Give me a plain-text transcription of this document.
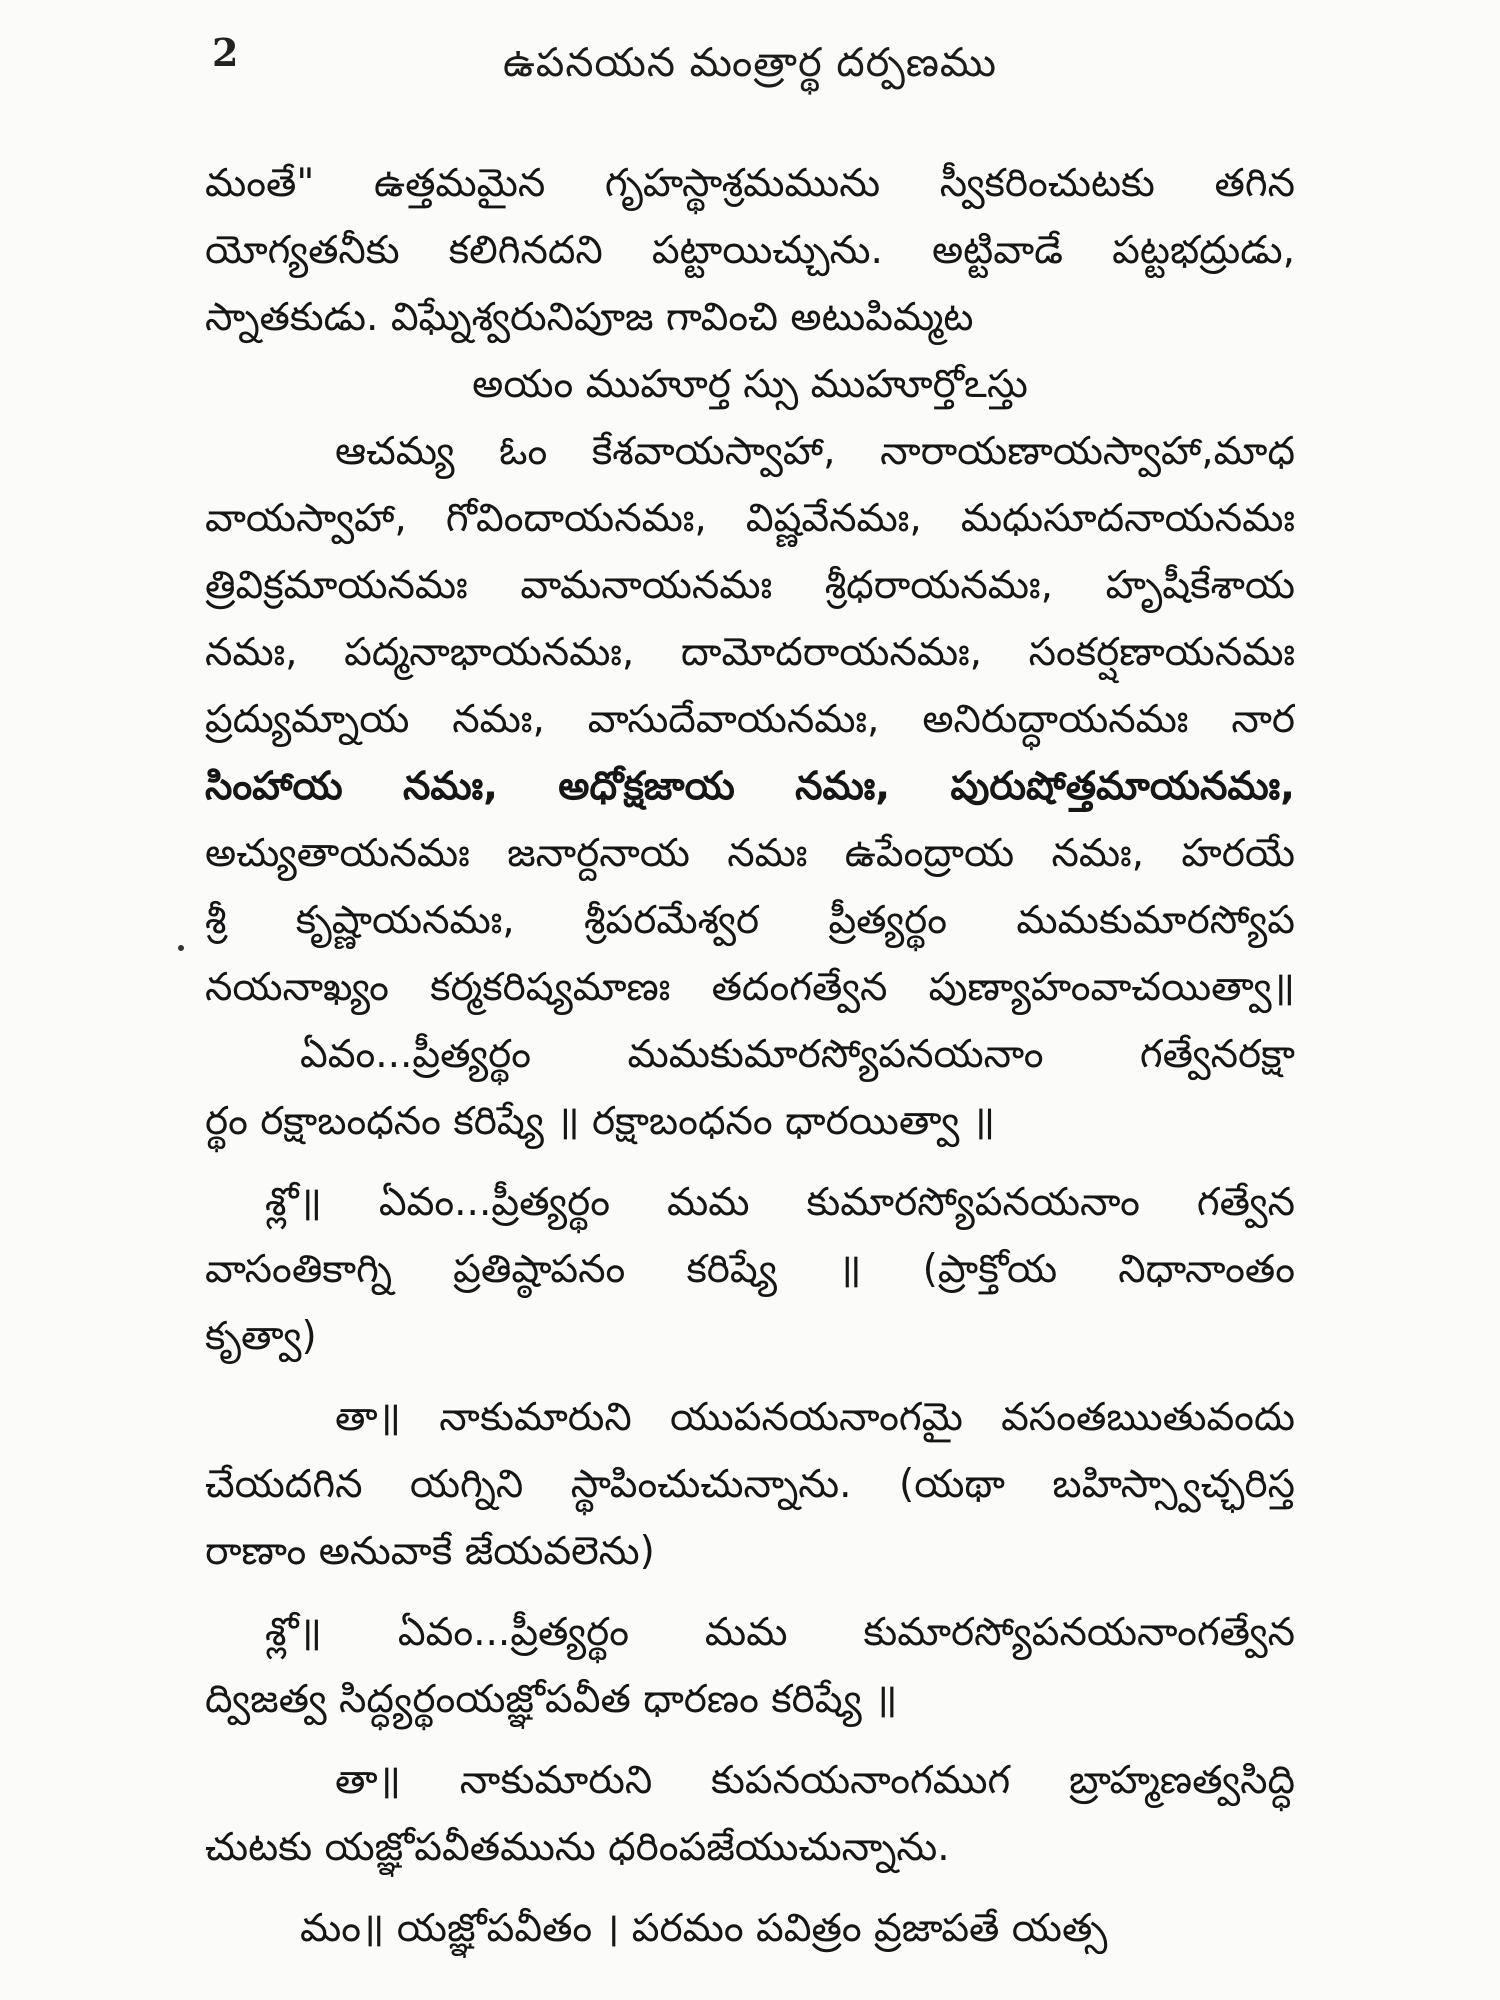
2	ఉపనయన మంత్రార్థ దర్పణము
మంతే" ఉత్తమమైన గృహస్థాశ్రమమును స్వీకరించుటకు తగిన
యోగ్యతనీకు కలిగినదని పట్టాయిచ్చును. అట్టివాడే పట్టభద్రుడు,
స్నాతకుడు. విఘ్నేశ్వరునిపూజ గావించి అటుపిమ్మట
అయం ముహూర్త స్సు ముహూర్తోఽస్తు
ఆచమ్య ఓం కేశవాయస్వాహా, నారాయణాయస్వాహా,మాధ
వాయస్వాహా, గోవిందాయనమః, విష్ణవేనమః, మధుసూదనాయనమః
త్రివిక్రమాయనమః వామనాయనమః శ్రీధరాయనమః, హృషీకేశాయ
నమః, పద్మనాభాయనమః, దామోదరాయనమః, సంకర్షణాయనమః
ప్రద్యుమ్నాయ నమః, వాసుదేవాయనమః, అనిరుద్ధాయనమః నార
సింహాయ నమః, అధోక్షజాయ నమః, పురుషోత్తమాయనమః,
అచ్యుతాయనమః జనార్దనాయ నమః ఉపేంద్రాయ నమః, హరయే
శ్రీ కృష్ణాయనమః, శ్రీపరమేశ్వర ప్రీత్యర్థం మమకుమారస్యోప
నయనాఖ్యం కర్మకరిష్యమాణః తదంగత్వేన పుణ్యాహంవాచయిత్వా॥
ఏవం...ప్రీత్యర్థం మమకుమారస్యోపనయనాం గత్వేనరక్షా
ర్థం రక్షాబంధనం కరిష్యే ॥ రక్షాబంధనం ధారయిత్వా ॥
శ్లో॥ ఏవం...ప్రీత్యర్థం మమ కుమారస్యోపనయనాం గత్వేన
వాసంతికాగ్ని ప్రతిష్ఠాపనం కరిష్యే ॥ (ప్రాక్తోయ నిధానాంతం
కృత్వా)
తా॥ నాకుమారుని యుపనయనాంగమై వసంతఋతువందు
చేయదగిన యగ్నిని స్థాపించుచున్నాను. (యథా బహిస్స్వాచ్ఛరిస్త
రాణాం అనువాకే జేయవలెను)
శ్లో॥ ఏవం...ప్రీత్యర్థం మమ కుమారస్యోపనయనాంగత్వేన
ద్విజత్వ సిద్ధ్యర్థంయజ్ఞోపవీత ధారణం కరిష్యే ॥
తా॥ నాకుమారుని కుపనయనాంగముగ బ్రాహ్మణత్వసిద్ధి
చుటకు యజ్ఞోపవీతమును ధరింపజేయుచున్నాను.
మం॥ యజ్ఞోపవీతం । పరమం పవిత్రం వ్రజాపతే యత్స
